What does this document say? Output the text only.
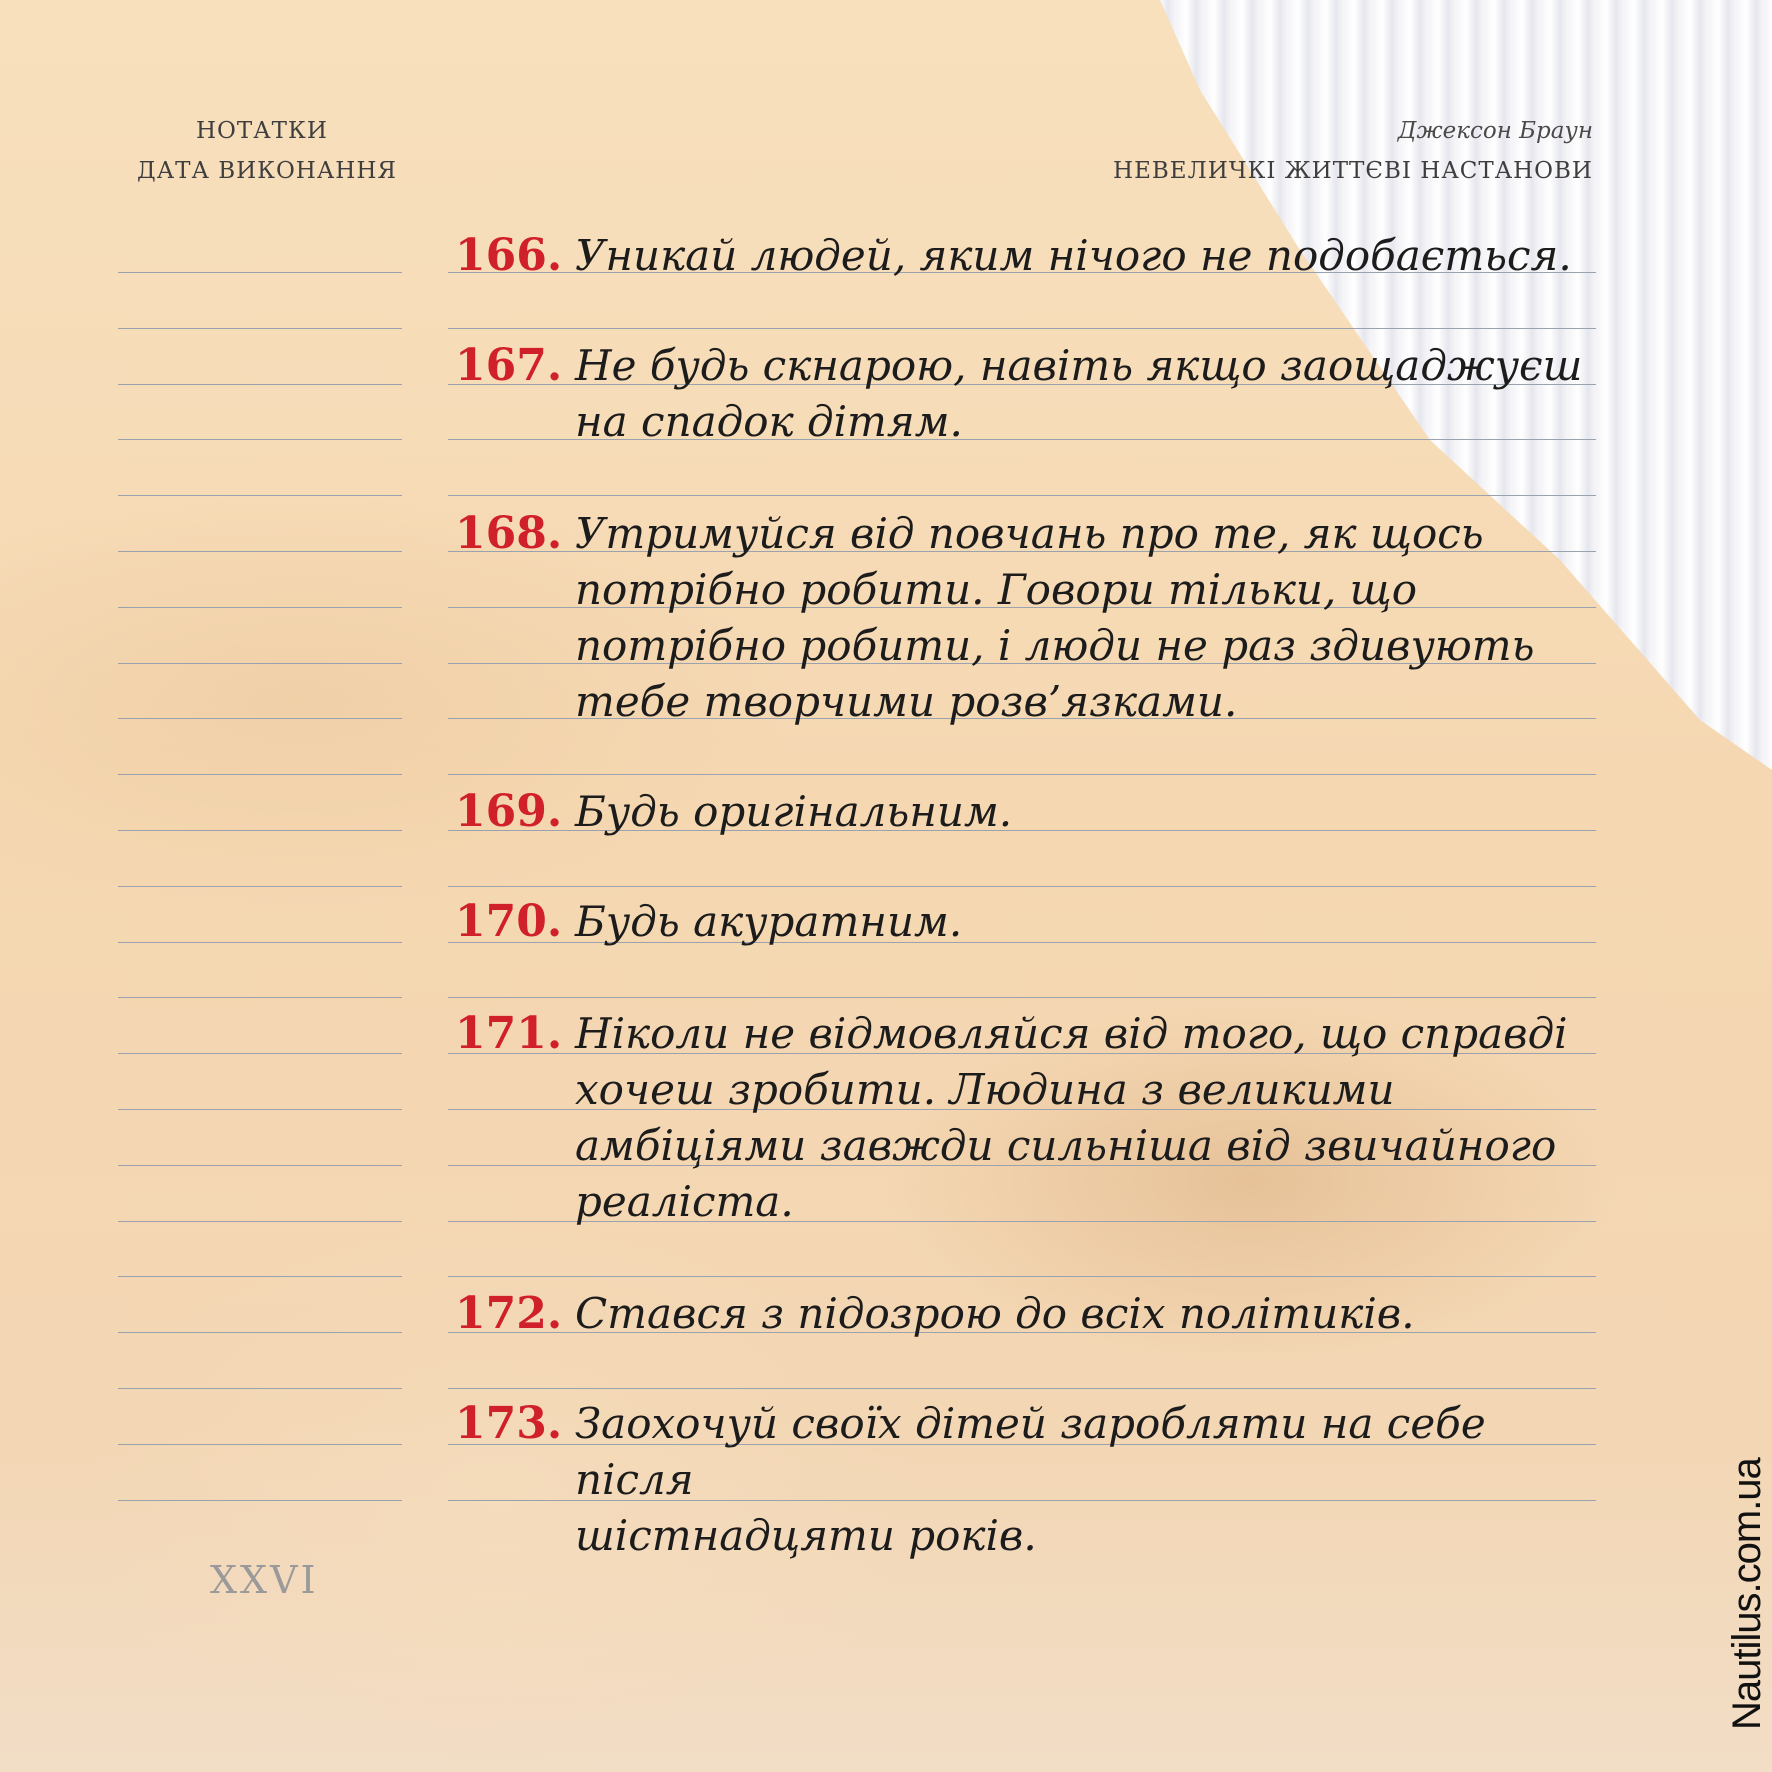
НОТАТКИ
ДАТА ВИКОНАННЯ
Джексон Браун
НЕВЕЛИЧКІ ЖИТТЄВІ НАСТАНОВИ
166. Уникай людей, яким нічого не подобається.
167. Не будь скнарою, навіть якщо заощаджуєш
на спадок дітям.
168. Утримуйся від повчань про те, як щось
потрібно робити. Говори тільки, що
потрібно робити, і люди не раз здивують
тебе творчими розв’язками.
169. Будь оригінальним.
170. Будь акуратним.
171. Ніколи не відмовляйся від того, що справді
хочеш зробити. Людина з великими
амбіціями завжди сильніша від звичайного
реаліста.
172. Стався з підозрою до всіх політиків.
173. Заохочуй своїх дітей заробляти на себе після
шістнадцяти років.
XXVI	Nautilus.com.ua
